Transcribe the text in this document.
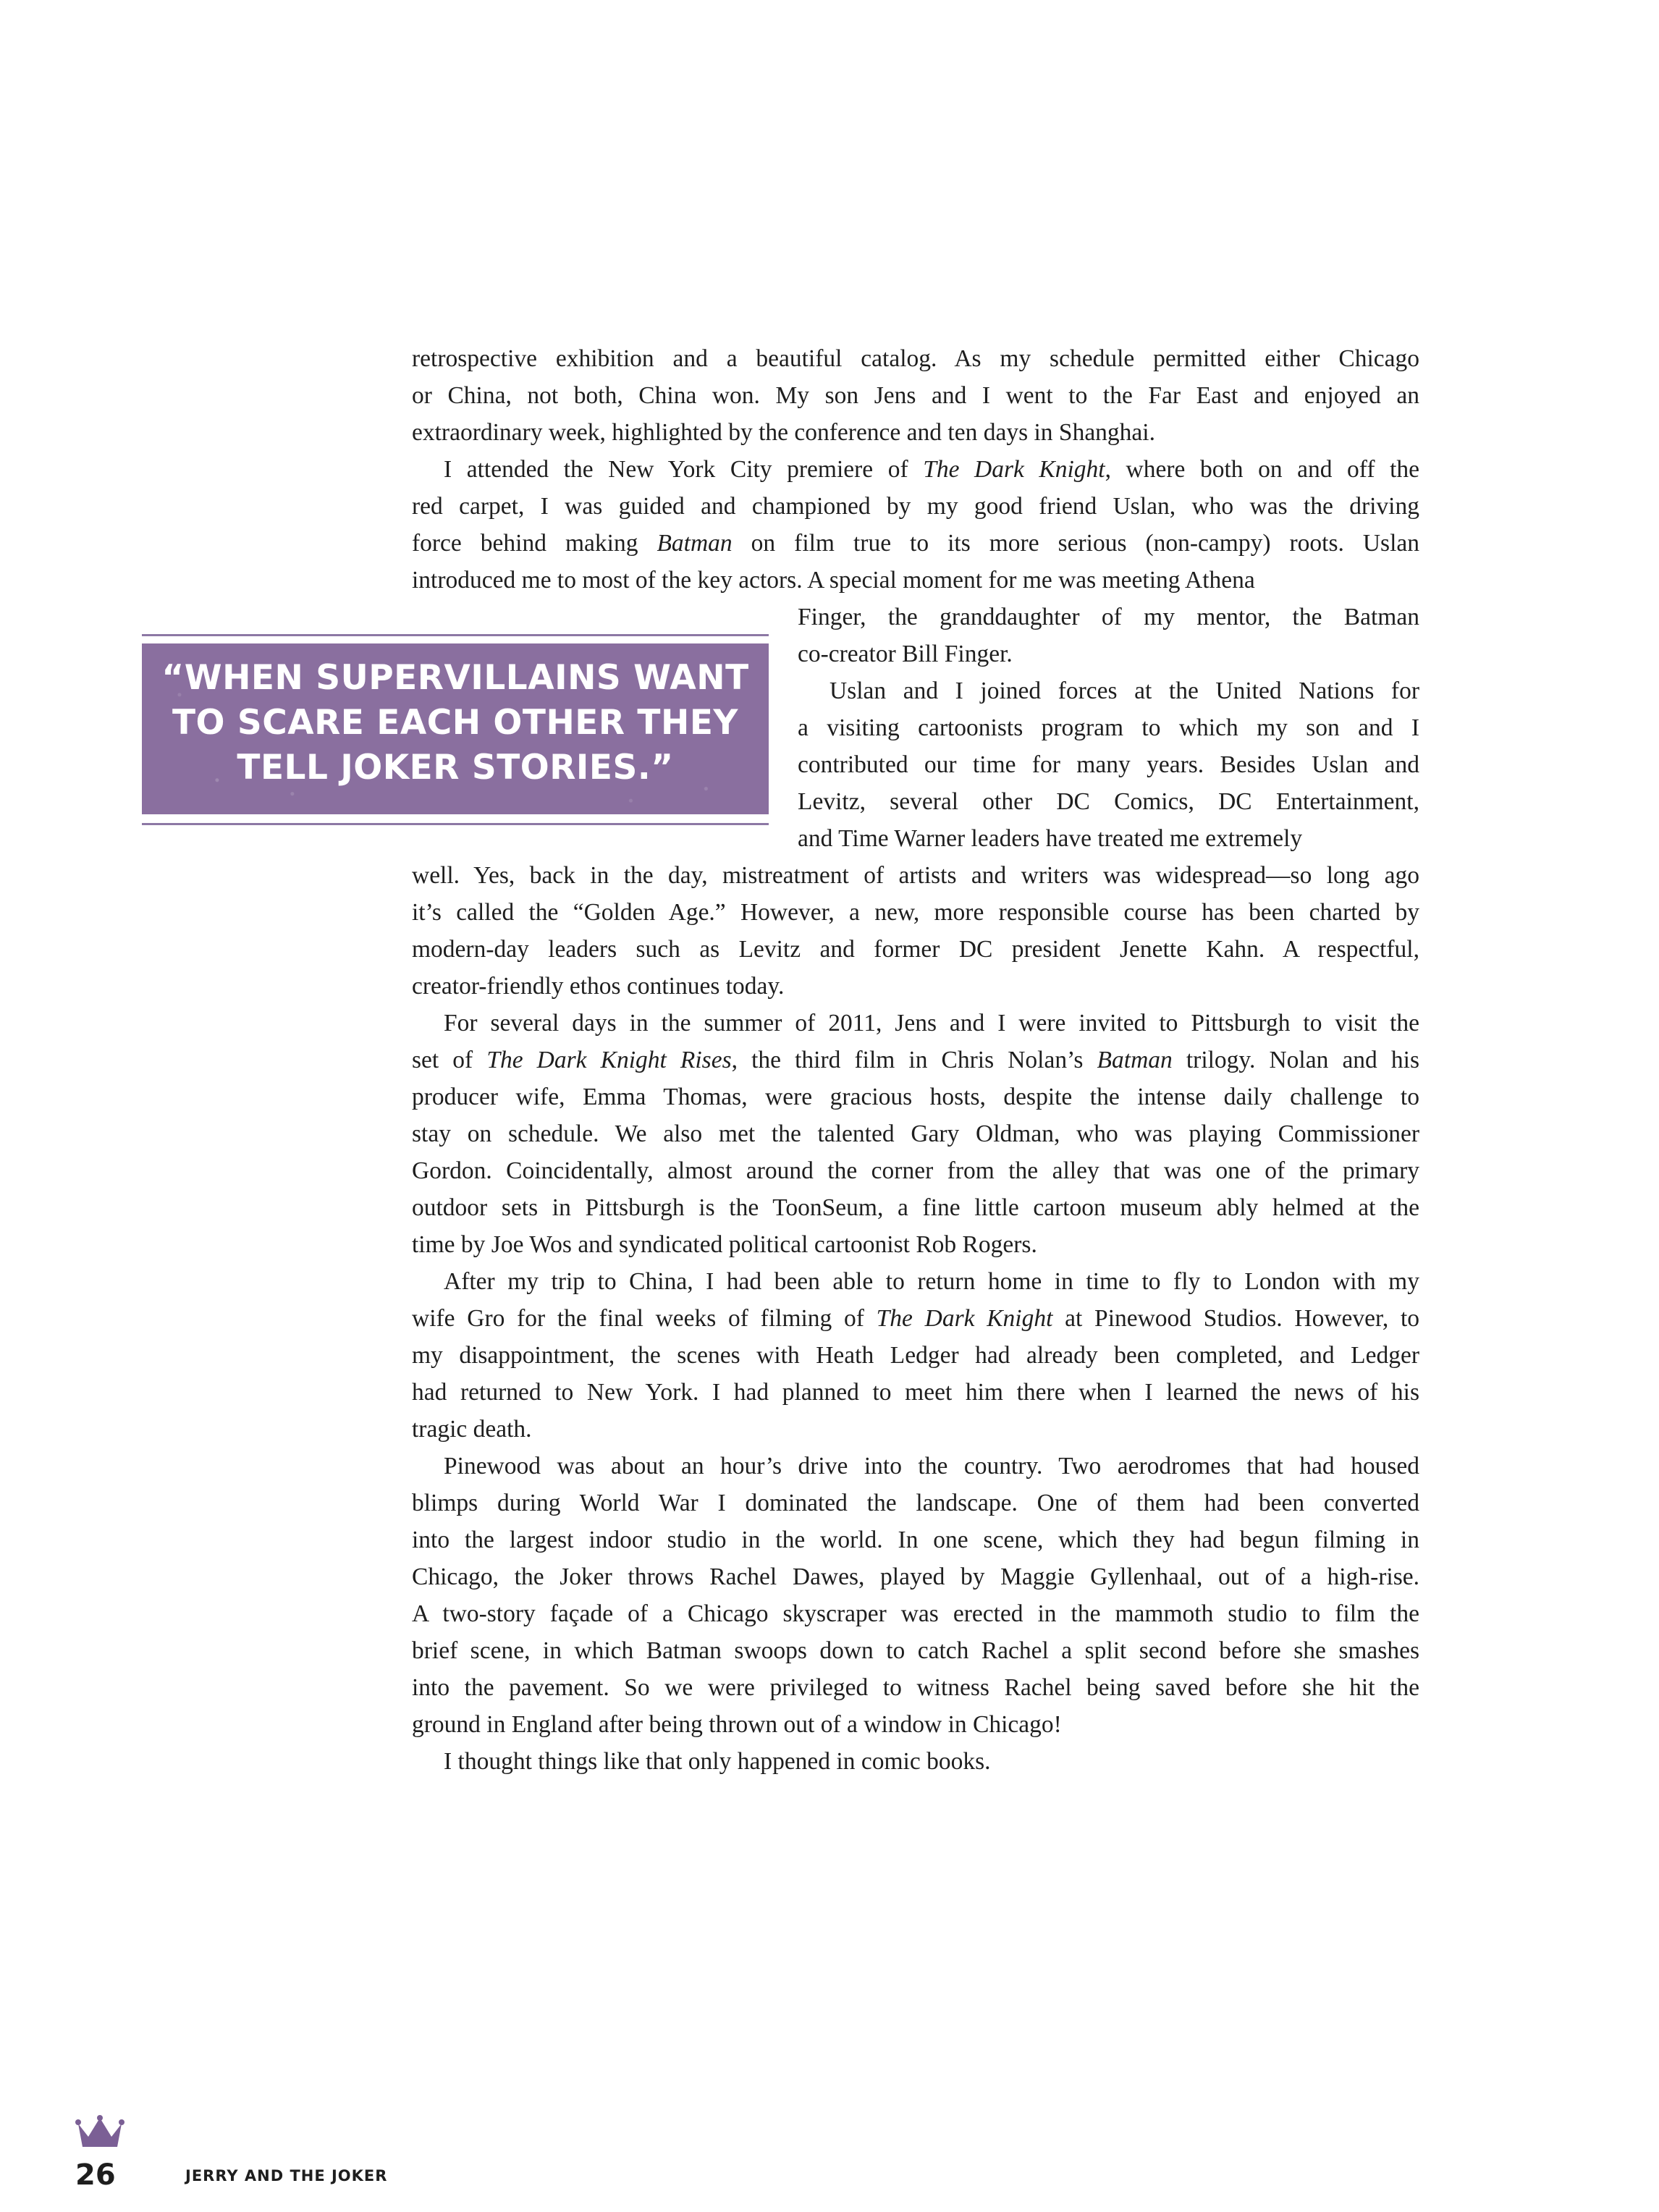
retrospective exhibition and a beautiful catalog. As my schedule permitted either Chicago
or China, not both, China won. My son Jens and I went to the Far East and enjoyed an
extraordinary week, highlighted by the conference and ten days in Shanghai.

I attended the New York City premiere of The Dark Knight, where both on and off the
red carpet, I was guided and championed by my good friend Uslan, who was the driving
force behind making Batman on film true to its more serious (non-campy) roots. Uslan
introduced me to most of the key actors. A special moment for me was meeting Athena

“WHEN SUPERVILLAINS WANT
TO SCARE EACH OTHER THEY
TELL JOKER STORIES.”

Finger, the granddaughter of my mentor, the Batman
co-creator Bill Finger.

Uslan and I joined forces at the United Nations for
a visiting cartoonists program to which my son and I
contributed our time for many years. Besides Uslan and
Levitz, several other DC Comics, DC Entertainment,
and Time Warner leaders have treated me extremely

well. Yes, back in the day, mistreatment of artists and writers was widespread—so long ago
it’s called the “Golden Age.” However, a new, more responsible course has been charted by
modern-day leaders such as Levitz and former DC president Jenette Kahn. A respectful,
creator-friendly ethos continues today.

For several days in the summer of 2011, Jens and I were invited to Pittsburgh to visit the
set of The Dark Knight Rises, the third film in Chris Nolan’s Batman trilogy. Nolan and his
producer wife, Emma Thomas, were gracious hosts, despite the intense daily challenge to
stay on schedule. We also met the talented Gary Oldman, who was playing Commissioner
Gordon. Coincidentally, almost around the corner from the alley that was one of the primary
outdoor sets in Pittsburgh is the ToonSeum, a fine little cartoon museum ably helmed at the
time by Joe Wos and syndicated political cartoonist Rob Rogers.

After my trip to China, I had been able to return home in time to fly to London with my
wife Gro for the final weeks of filming of The Dark Knight at Pinewood Studios. However, to
my disappointment, the scenes with Heath Ledger had already been completed, and Ledger
had returned to New York. I had planned to meet him there when I learned the news of his
tragic death.

Pinewood was about an hour’s drive into the country. Two aerodromes that had housed
blimps during World War I dominated the landscape. One of them had been converted
into the largest indoor studio in the world. In one scene, which they had begun filming in
Chicago, the Joker throws Rachel Dawes, played by Maggie Gyllenhaal, out of a high-rise.
A two-story façade of a Chicago skyscraper was erected in the mammoth studio to film the
brief scene, in which Batman swoops down to catch Rachel a split second before she smashes
into the pavement. So we were privileged to witness Rachel being saved before she hit the
ground in England after being thrown out of a window in Chicago!

I thought things like that only happened in comic books.

26	JERRY AND THE JOKER
